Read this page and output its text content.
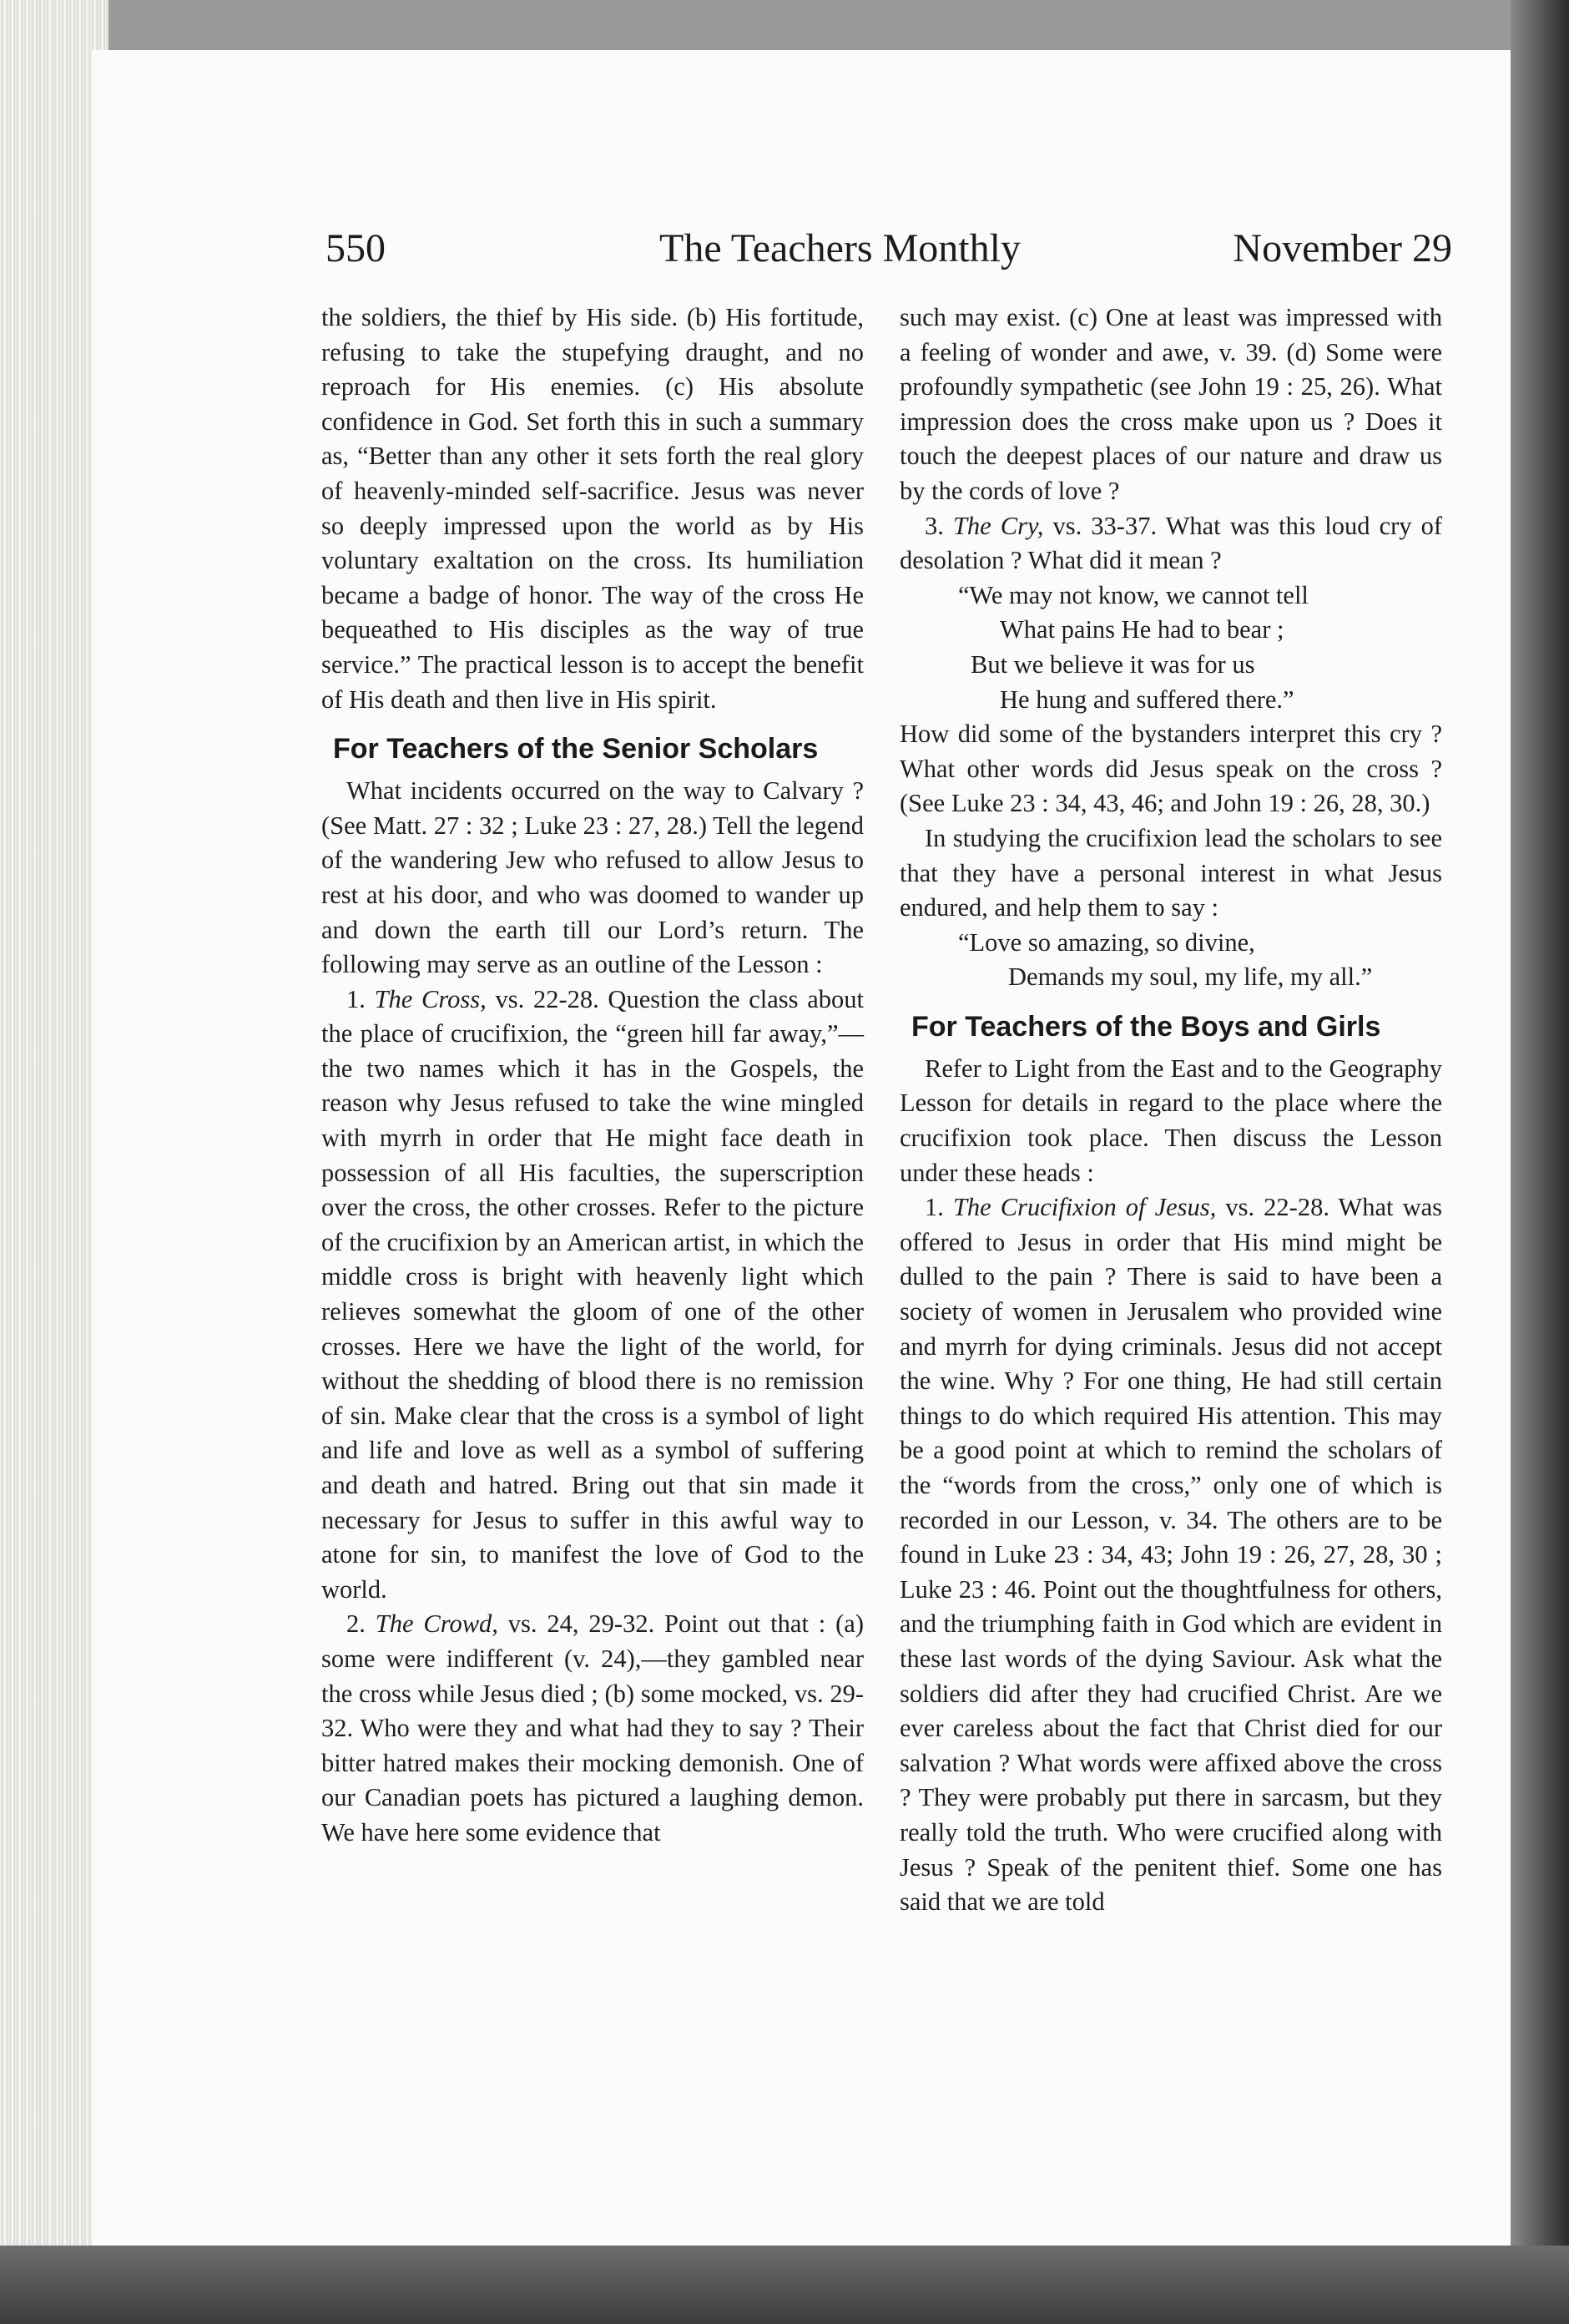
550	The Teachers Monthly	November 29

the soldiers, the thief by His side. (b) His fortitude, refusing to take the stupefying draught, and no reproach for His enemies. (c) His absolute confidence in God. Set forth this in such a summary as, “Better than any other it sets forth the real glory of heavenly-minded self-sacrifice. Jesus was never so deeply impressed upon the world as by His voluntary exaltation on the cross. Its humiliation became a badge of honor. The way of the cross He bequeathed to His disciples as the way of true service.” The practical lesson is to accept the benefit of His death and then live in His spirit.

For Teachers of the Senior Scholars

What incidents occurred on the way to Calvary ? (See Matt. 27 : 32 ; Luke 23 : 27, 28.) Tell the legend of the wandering Jew who refused to allow Jesus to rest at his door, and who was doomed to wander up and down the earth till our Lord’s return. The following may serve as an outline of the Lesson :

1. The Cross, vs. 22-28. Question the class about the place of crucifixion, the “green hill far away,”—the two names which it has in the Gospels, the reason why Jesus refused to take the wine mingled with myrrh in order that He might face death in possession of all His faculties, the superscription over the cross, the other crosses. Refer to the picture of the crucifixion by an American artist, in which the middle cross is bright with heavenly light which relieves somewhat the gloom of one of the other crosses. Here we have the light of the world, for without the shedding of blood there is no remission of sin. Make clear that the cross is a symbol of light and life and love as well as a symbol of suffering and death and hatred. Bring out that sin made it necessary for Jesus to suffer in this awful way to atone for sin, to manifest the love of God to the world.

2. The Crowd, vs. 24, 29-32. Point out that : (a) some were indifferent (v. 24),—they gambled near the cross while Jesus died ; (b) some mocked, vs. 29-32. Who were they and what had they to say ? Their bitter hatred makes their mocking demonish. One of our Canadian poets has pictured a laughing demon. We have here some evidence that

such may exist. (c) One at least was impressed with a feeling of wonder and awe, v. 39. (d) Some were profoundly sympathetic (see John 19 : 25, 26). What impression does the cross make upon us ? Does it touch the deepest places of our nature and draw us by the cords of love ?

3. The Cry, vs. 33-37. What was this loud cry of desolation ? What did it mean ?

“We may not know, we cannot tell
What pains He had to bear ;
But we believe it was for us
He hung and suffered there.”

How did some of the bystanders interpret this cry ? What other words did Jesus speak on the cross ? (See Luke 23 : 34, 43, 46; and John 19 : 26, 28, 30.)

In studying the crucifixion lead the scholars to see that they have a personal interest in what Jesus endured, and help them to say :

“Love so amazing, so divine,
Demands my soul, my life, my all.”
For Teachers of the Boys and Girls

Refer to Light from the East and to the Geography Lesson for details in regard to the place where the crucifixion took place. Then discuss the Lesson under these heads :

1. The Crucifixion of Jesus, vs. 22-28. What was offered to Jesus in order that His mind might be dulled to the pain ? There is said to have been a society of women in Jerusalem who provided wine and myrrh for dying criminals. Jesus did not accept the wine. Why ? For one thing, He had still certain things to do which required His attention. This may be a good point at which to remind the scholars of the “words from the cross,” only one of which is recorded in our Lesson, v. 34. The others are to be found in Luke 23 : 34, 43; John 19 : 26, 27, 28, 30 ; Luke 23 : 46. Point out the thoughtfulness for others, and the triumphing faith in God which are evident in these last words of the dying Saviour. Ask what the soldiers did after they had crucified Christ. Are we ever careless about the fact that Christ died for our salvation ? What words were affixed above the cross ? They were probably put there in sarcasm, but they really told the truth. Who were crucified along with Jesus ? Speak of the penitent thief. Some one has said that we are told
